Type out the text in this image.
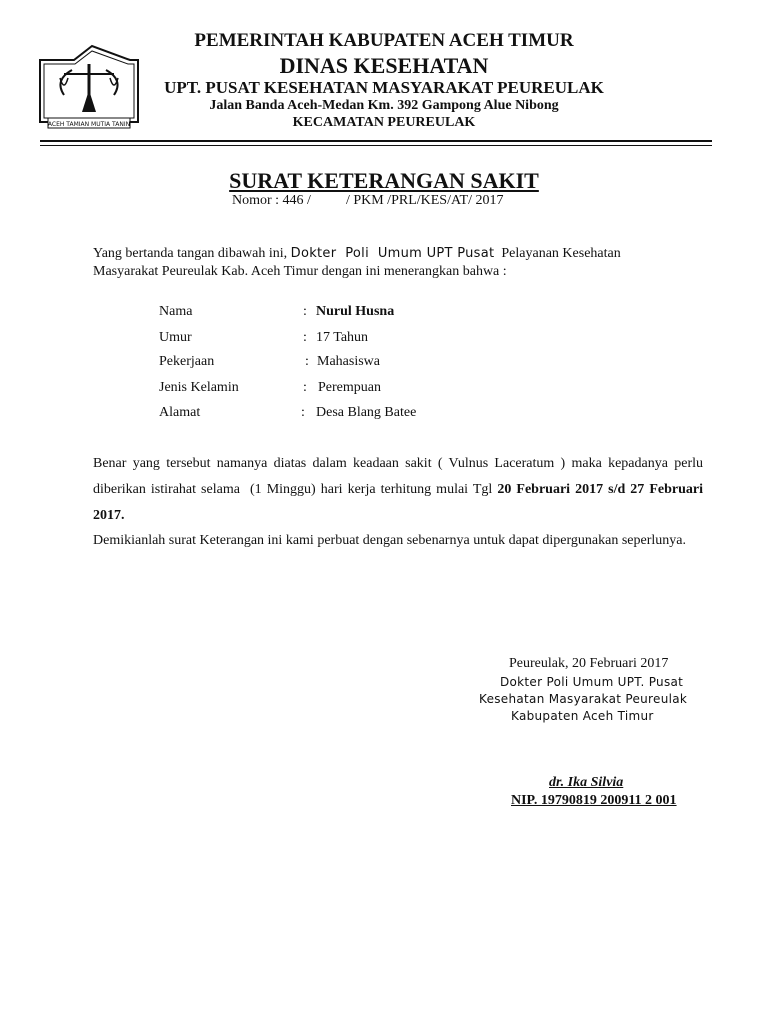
ACEH TAMIAN MUTIA TANIN
PEMERINTAH KABUPATEN ACEH TIMUR
DINAS KESEHATAN
UPT. PUSAT KESEHATAN MASYARAKAT PEUREULAK
Jalan Banda Aceh-Medan Km. 392 Gampong Alue Nibong
KECAMATAN PEUREULAK
SURAT KETERANGAN SAKIT
Nomor : 446 /          / PKM /PRL/KES/AT/ 2017
Yang bertanda tangan dibawah ini, Dokter  Poli  Umum UPT Pusat  Pelayanan Kesehatan
Masyarakat Peureulak Kab. Aceh Timur dengan ini menerangkan bahwa :
Nama	: Nurul Husna
Umur	: 17 Tahun
Pekerjaan	: Mahasiswa
Jenis Kelamin	: Perempuan
Alamat	: Desa Blang Batee
Benar yang tersebut namanya diatas dalam keadaan sakit ( Vulnus Laceratum ) maka kepadanya perlu diberikan istirahat selama  (1 Minggu) hari kerja terhitung mulai Tgl 20 Februari 2017 s/d 27 Februari 2017.
Demikianlah surat Keterangan ini kami perbuat dengan sebenarnya untuk dapat dipergunakan seperlunya.
Peureulak, 20 Februari 2017
Dokter Poli Umum UPT. Pusat
Kesehatan Masyarakat Peureulak
Kabupaten Aceh Timur
dr. Ika Silvia
NIP. 19790819 200911 2 001
